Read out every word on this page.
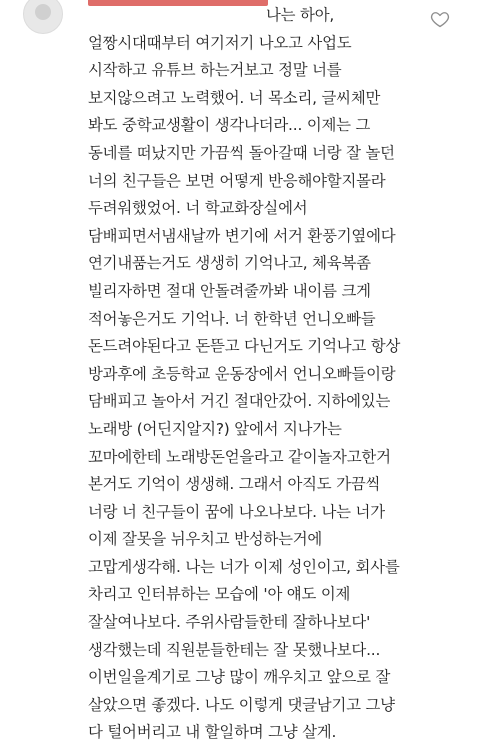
나는 하아,
얼짱시대때부터 여기저기 나오고 사업도
시작하고 유튜브 하는거보고 정말 너를
보지않으려고 노력했어. 너 목소리, 글씨체만
봐도 중학교생활이 생각나더라... 이제는 그
동네를 떠났지만 가끔씩 돌아갈때 너랑 잘 놀던
너의 친구들은 보면 어떻게 반응해야할지몰라
두려워했었어. 너 학교화장실에서
담배피면서냄새날까 변기에 서거 환풍기옆에다
연기내품는거도 생생히 기억나고, 체육복좀
빌리자하면 절대 안돌려줄까봐 내이름 크게
적어놓은거도 기억나. 너 한학년 언니오빠들
돈드려야된다고 돈뜯고 다닌거도 기억나고 항상
방과후에 초등학교 운동장에서 언니오빠들이랑
담배피고 놀아서 거긴 절대안갔어. 지하에있는
노래방 (어딘지알지?) 앞에서 지나가는
꼬마에한테 노래방돈얻을라고 같이놀자고한거
본거도 기억이 생생해. 그래서 아직도 가끔씩
너랑 너 친구들이 꿈에 나오나보다. 나는 너가
이제 잘못을 뉘우치고 반성하는거에
고맙게생각해. 나는 너가 이제 성인이고, 회사를
차리고 인터뷰하는 모습에 '아 얘도 이제
잘살여나보다. 주위사람들한테 잘하나보다'
생각했는데 직원분들한테는 잘 못했나보다...
이번일을계기로 그냥 많이 깨우치고 앞으로 잘
살았으면 좋겠다. 나도 이렇게 댓글남기고 그냥
다 털어버리고 내 할일하며 그냥 살게.
